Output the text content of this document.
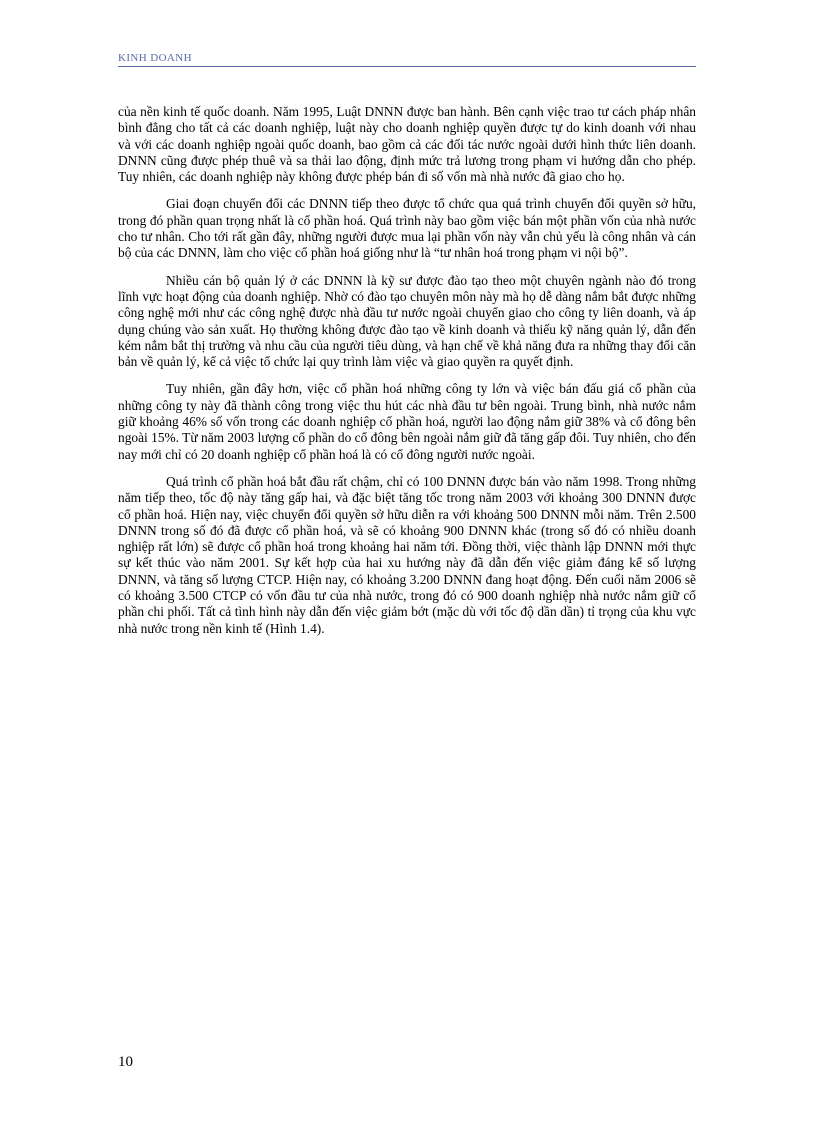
KINH DOANH

của nền kinh tế quốc doanh. Năm 1995, Luật DNNN được ban hành. Bên cạnh việc trao tư cách pháp nhân bình đẳng cho tất cả các doanh nghiệp, luật này cho doanh nghiệp quyền được tự do kinh doanh với nhau và với các doanh nghiệp ngoài quốc doanh, bao gồm cả các đối tác nước ngoài dưới hình thức liên doanh. DNNN cũng được phép thuê và sa thải lao động, định mức trả lương trong phạm vi hướng dẫn cho phép. Tuy nhiên, các doanh nghiệp này không được phép bán đi số vốn mà nhà nước đã giao cho họ.

Giai đoạn chuyển đổi các DNNN tiếp theo được tổ chức qua quá trình chuyển đổi quyền sở hữu, trong đó phần quan trọng nhất là cổ phần hoá. Quá trình này bao gồm việc bán một phần vốn của nhà nước cho tư nhân. Cho tới rất gần đây, những người được mua lại phần vốn này vẫn chủ yếu là công nhân và cán bộ của các DNNN, làm cho việc cổ phần hoá giống như là “tư nhân hoá trong phạm vi nội bộ”.

Nhiều cán bộ quản lý ở các DNNN là kỹ sư được đào tạo theo một chuyên ngành nào đó trong lĩnh vực hoạt động của doanh nghiệp. Nhờ có đào tạo chuyên môn này mà họ dễ dàng nắm bắt được những công nghệ mới như các công nghệ được nhà đầu tư nước ngoài chuyển giao cho công ty liên doanh, và áp dụng chúng vào sản xuất. Họ thường không được đào tạo về kinh doanh và thiếu kỹ năng quản lý, dẫn đến kém nắm bắt thị trường và nhu cầu của người tiêu dùng, và hạn chế về khả năng đưa ra những thay đổi căn bản về quản lý, kể cả việc tổ chức lại quy trình làm việc và giao quyền ra quyết định.

Tuy nhiên, gần đây hơn, việc cổ phần hoá những công ty lớn và việc bán đấu giá cổ phần của những công ty này đã thành công trong việc thu hút các nhà đầu tư bên ngoài. Trung bình, nhà nước nắm giữ khoảng 46% số vốn trong các doanh nghiệp cổ phần hoá, người lao động nắm giữ 38% và cổ đông bên ngoài 15%. Từ năm 2003 lượng cổ phần do cổ đông bên ngoài nắm giữ đã tăng gấp đôi. Tuy nhiên, cho đến nay mới chỉ có 20 doanh nghiệp cổ phần hoá là có cổ đông người nước ngoài.

Quá trình cổ phần hoá bắt đầu rất chậm, chỉ có 100 DNNN được bán vào năm 1998. Trong những năm tiếp theo, tốc độ này tăng gấp hai, và đặc biệt tăng tốc trong năm 2003 với khoảng 300 DNNN được cổ phần hoá. Hiện nay, việc chuyển đổi quyền sở hữu diễn ra với khoảng 500 DNNN mỗi năm. Trên 2.500 DNNN trong số đó đã được cổ phần hoá, và sẽ có khoảng 900 DNNN khác (trong số đó có nhiều doanh nghiệp rất lớn) sẽ được cổ phần hoá trong khoảng hai năm tới. Đồng thời, việc thành lập DNNN mới thực sự kết thúc vào năm 2001. Sự kết hợp của hai xu hướng này đã dẫn đến việc giảm đáng kể số lượng DNNN, và tăng số lượng CTCP. Hiện nay, có khoảng 3.200 DNNN đang hoạt động. Đến cuối năm 2006 sẽ có khoảng 3.500 CTCP có vốn đầu tư của nhà nước, trong đó có 900 doanh nghiệp nhà nước nắm giữ cổ phần chi phối. Tất cả tình hình này dẫn đến việc giảm bớt (mặc dù với tốc độ dần dần) tỉ trọng của khu vực nhà nước trong nền kinh tế (Hình 1.4).

10
